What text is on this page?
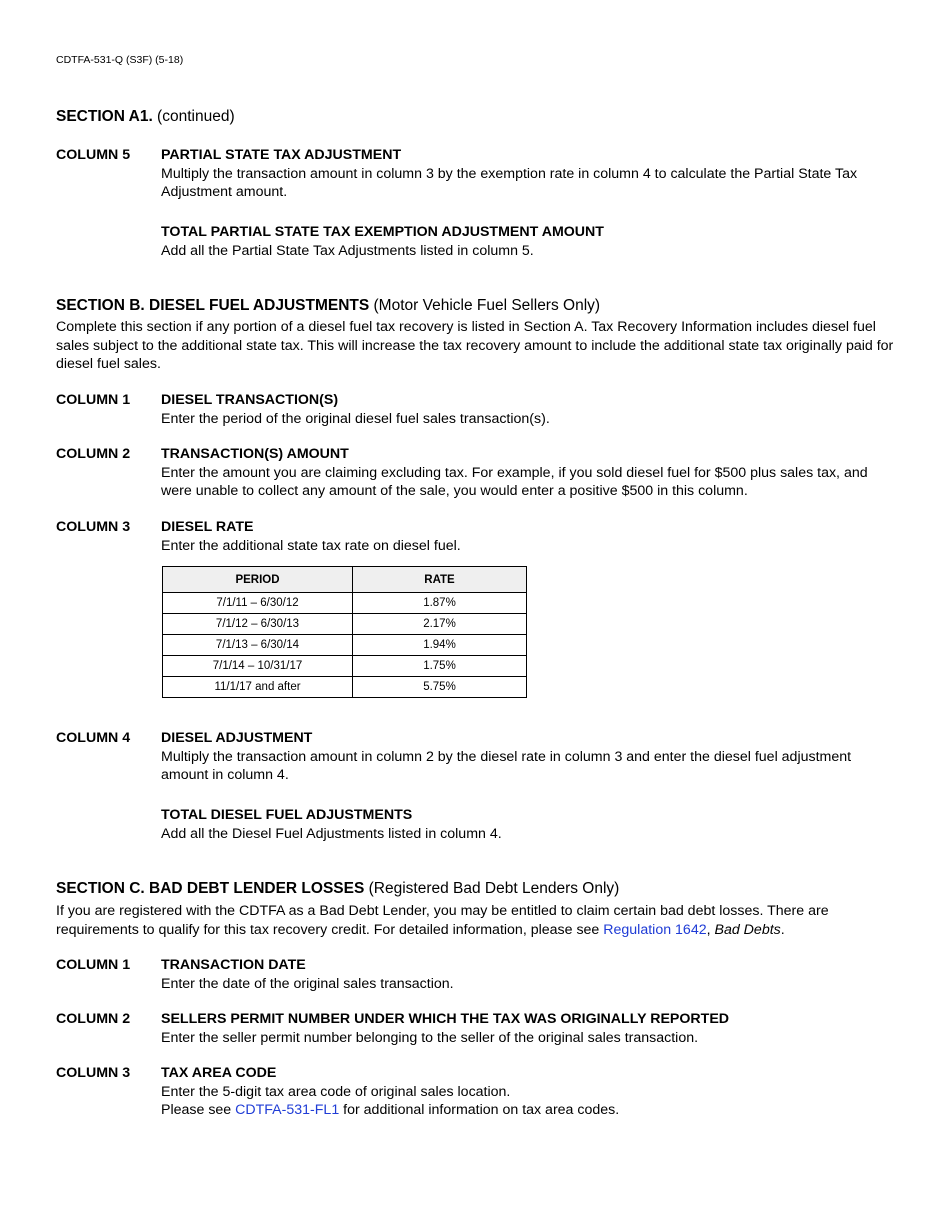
CDTFA-531-Q (S3F) (5-18)
SECTION A1. (continued)
COLUMN 5 PARTIAL STATE TAX ADJUSTMENT
Multiply the transaction amount in column 3 by the exemption rate in column 4 to calculate the Partial State Tax Adjustment amount.
TOTAL PARTIAL STATE TAX EXEMPTION ADJUSTMENT AMOUNT
Add all the Partial State Tax Adjustments listed in column 5.
SECTION B. DIESEL FUEL ADJUSTMENTS (Motor Vehicle Fuel Sellers Only)
Complete this section if any portion of a diesel fuel tax recovery is listed in Section A. Tax Recovery Information includes diesel fuel sales subject to the additional state tax. This will increase the tax recovery amount to include the additional state tax originally paid for diesel fuel sales.
COLUMN 1 DIESEL TRANSACTION(S)
Enter the period of the original diesel fuel sales transaction(s).
COLUMN 2 TRANSACTION(S) AMOUNT
Enter the amount you are claiming excluding tax. For example, if you sold diesel fuel for $500 plus sales tax, and were unable to collect any amount of the sale, you would enter a positive $500 in this column.
COLUMN 3 DIESEL RATE
Enter the additional state tax rate on diesel fuel.
PERIOD	RATE
7/1/11 – 6/30/12	1.87%
7/1/12 – 6/30/13	2.17%
7/1/13 – 6/30/14	1.94%
7/1/14 – 10/31/17	1.75%
11/1/17 and after	5.75%
COLUMN 4 DIESEL ADJUSTMENT
Multiply the transaction amount in column 2 by the diesel rate in column 3 and enter the diesel fuel adjustment amount in column 4.
TOTAL DIESEL FUEL ADJUSTMENTS
Add all the Diesel Fuel Adjustments listed in column 4.
SECTION C. BAD DEBT LENDER LOSSES (Registered Bad Debt Lenders Only)
If you are registered with the CDTFA as a Bad Debt Lender, you may be entitled to claim certain bad debt losses. There are requirements to qualify for this tax recovery credit. For detailed information, please see Regulation 1642, Bad Debts.
COLUMN 1 TRANSACTION DATE
Enter the date of the original sales transaction.
COLUMN 2 SELLERS PERMIT NUMBER UNDER WHICH THE TAX WAS ORIGINALLY REPORTED
Enter the seller permit number belonging to the seller of the original sales transaction.
COLUMN 3 TAX AREA CODE
Enter the 5-digit tax area code of original sales location.
Please see CDTFA-531-FL1 for additional information on tax area codes.
